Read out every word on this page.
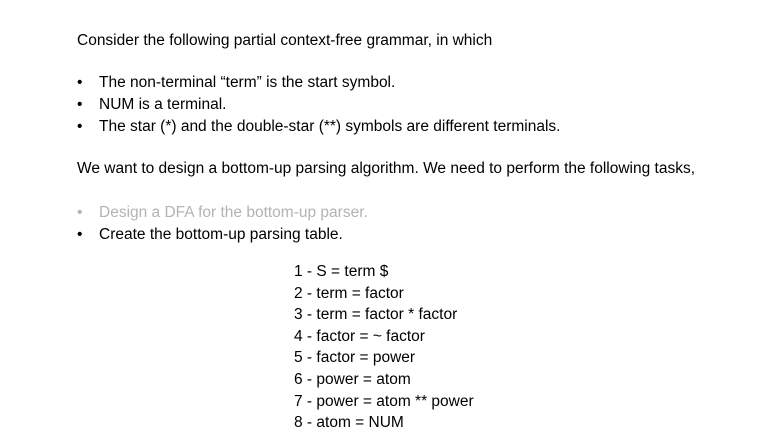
Consider the following partial context-free grammar, in which
• The non-terminal “term” is the start symbol.
• NUM is a terminal.
• The star (*) and the double-star (**) symbols are different terminals.
We want to design a bottom-up parsing algorithm. We need to perform the following tasks,
• Design a DFA for the bottom-up parser.
• Create the bottom-up parsing table.
1 - S = term $
2 - term = factor
3 - term = factor * factor
4 - factor = ~ factor
5 - factor = power
6 - power = atom
7 - power = atom ** power
8 - atom = NUM
